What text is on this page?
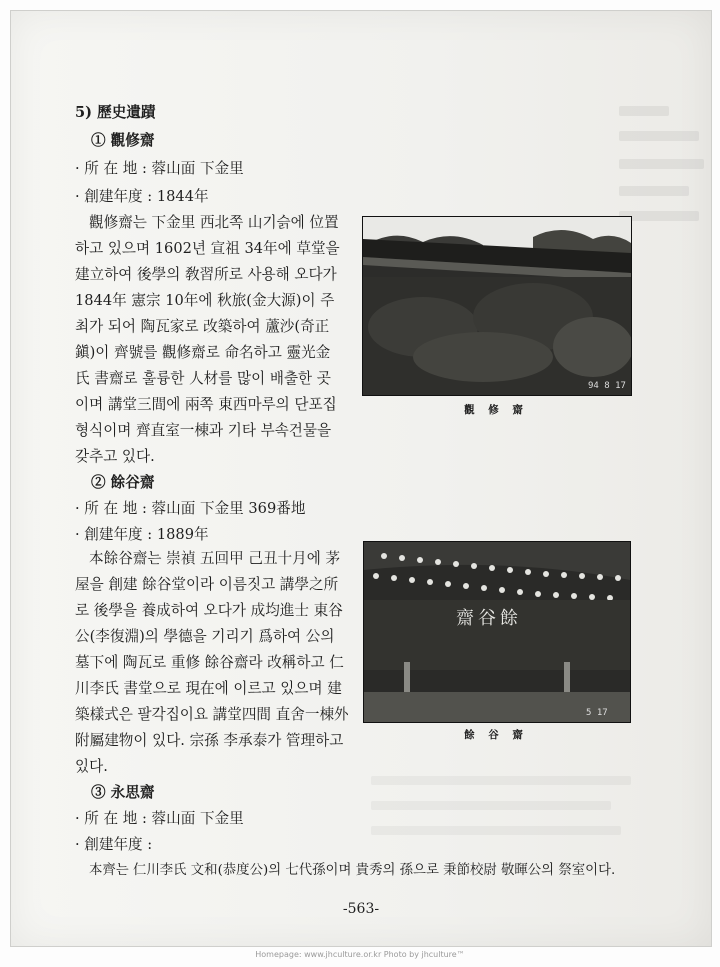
5) 歷史遺蹟
① 觀修齋
· 所 在 地 : 蓉山面 下金里
· 創建年度 : 1844年
觀修齋는 下金里 西北쪽 山기슭에 位置
하고 있으며 1602년 宣祖 34年에 草堂을
建立하여 後學의 敎習所로 사용해 오다가
1844年 憲宗 10年에 秋旅(金大源)이 주
최가 되어 陶瓦家로 改築하여 蘆沙(奇正
鎭)이 齊號를 觀修齋로 命名하고 靈光金
氏 書齋로 훌륭한 人材를 많이 배출한 곳
이며 講堂三間에 兩쪽 東西마루의 단포집
형식이며 齊直室一棟과 기타 부속건물을
갖추고 있다.
② 餘谷齋
· 所 在 地 : 蓉山面 下金里 369番地
· 創建年度 : 1889年
本餘谷齋는 崇禎 五回甲 己丑十月에 茅
屋을 創建 餘谷堂이라 이름짓고 講學之所
로 後學을 養成하여 오다가 成均進士 東谷
公(李復淵)의 學德을 기리기 爲하여 公의
墓下에 陶瓦로 重修 餘谷齋라 改稱하고 仁
川李氏 書堂으로 現在에 이르고 있으며 建
築樣式은 팔각집이요 講堂四間 直舍一棟外
附屬建物이 있다. 宗孫 李承泰가 管理하고
있다.
③ 永思齋
· 所 在 地 : 蓉山面 下金里
· 創建年度 :
本齊는 仁川李氏 文和(恭度公)의 七代孫이며 貴秀의 孫으로 秉節校尉 敬暉公의 祭室이다.
94 8 17
觀 修 齋
齋谷餘
5 17
餘 谷 齋
-563-
Homepage: www.jhculture.or.kr Photo by jhculture™
